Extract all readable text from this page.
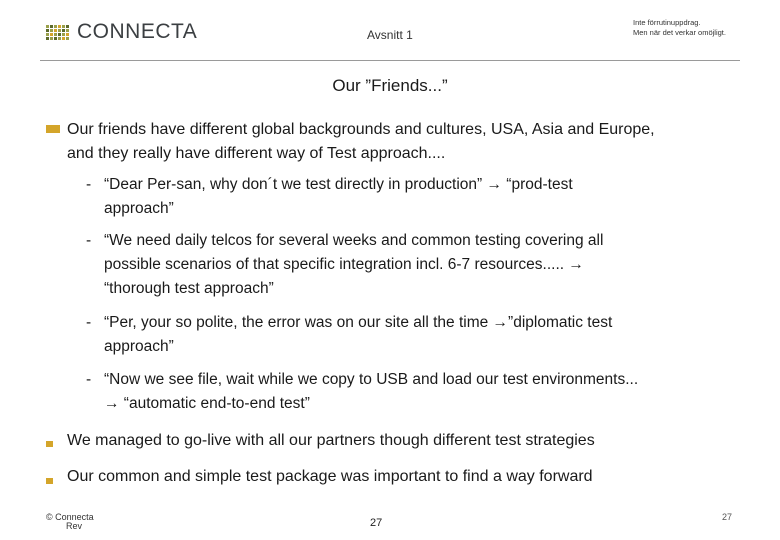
CONNECTA	Avsnitt 1
Inte förrutinuppdrag.
Men när det verkar omöjligt.
Our ”Friends...”
Our friends have different global backgrounds and cultures, USA, Asia and Europe,
and they really have different way of Test approach....
- “Dear Per-san, why don´t we test directly in production” → “prod-test
approach”
- “We need daily telcos for several weeks and common testing covering all
possible scenarios of that specific integration incl. 6-7 resources..... →
“thorough test approach”
- “Per, your so polite, the error was on our site all the time →”diplomatic test
approach”
- “Now we see file, wait while we copy to USB and load our test environments...
→ “automatic end-to-end test”
We managed to go-live with all our partners though different test strategies
Our common and simple test package was important to find a way forward
© Connecta
Rev	27	27
